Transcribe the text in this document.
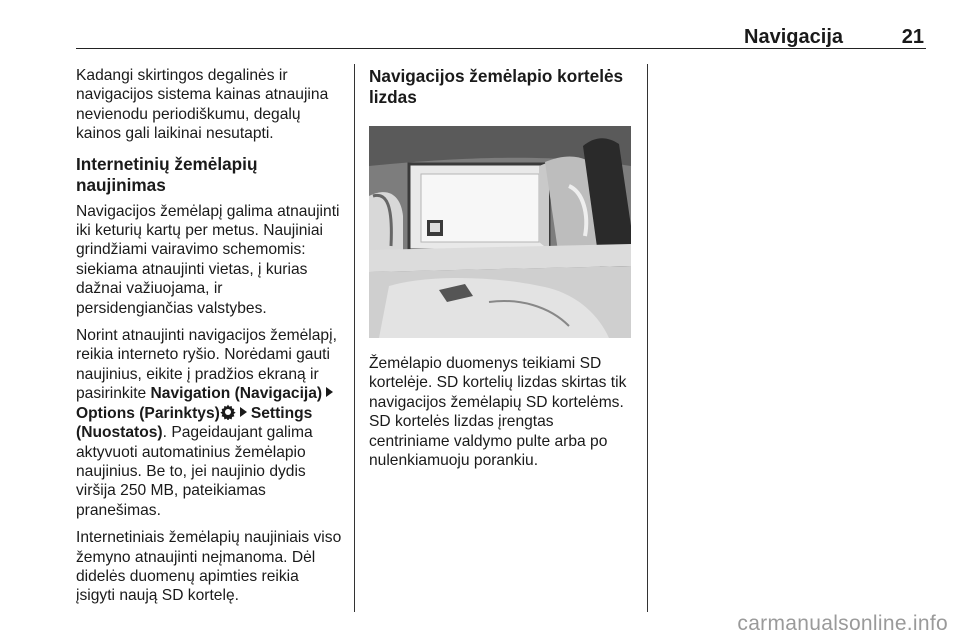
Navigacija	21

Kadangi skirtingos degalinės ir navigacijos sistema kainas atnaujina nevienodu periodiškumu, degalų kainos gali laikinai nesutapti.

Internetinių žemėlapių naujinimas

Navigacijos žemėlapį galima atnaujinti iki keturių kartų per metus. Naujiniai grindžiami vairavimo schemomis: siekiama atnaujinti vietas, į kurias dažnai važiuojama, ir persidengiančias valstybes.

Norint atnaujinti navigacijos žemėlapį, reikia interneto ryšio. Norėdami gauti naujinius, eikite į pradžios ekraną ir pasirinkite Navigation (Navigacija)Options (Parinktys) Settings (Nuostatos). Pageidaujant galima aktyvuoti automatinius žemėlapio naujinius. Be to, jei naujinio dydis viršija 250 MB, pateikiamas pranešimas.

Internetiniais žemėlapių naujiniais viso žemyno atnaujinti neįmanoma. Dėl didelės duomenų apimties reikia įsigyti naują SD kortelę.

Navigacijos žemėlapio kortelės lizdas

Žemėlapio duomenys teikiami SD kortelėje. SD kortelių lizdas skirtas tik navigacijos žemėlapių SD kortelėms. SD kortelės lizdas įrengtas centriniame valdymo pulte arba po nulenkiamuoju porankiu.

carmanualsonline.info
